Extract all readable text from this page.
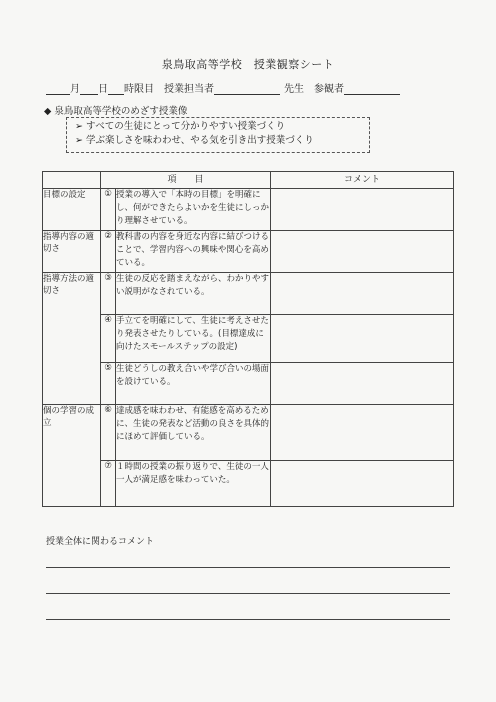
泉鳥取高等学校　授業観察シート
月 日 時限目 授業担当者	先生 参観者
◆ 泉鳥取高等学校のめざす授業像
➢ すべての生徒にとって分かりやすい授業づくり
➢ 学ぶ楽しさを味わわせ、やる気を引き出す授業づくり
	項　　目		コメント
目標の設定	①	授業の導入で「本時の目標」を明確にし、何ができたらよいかを生徒にしっかり理解させている。	
指導内容の適切さ	②	教科書の内容を身近な内容に結びつけることで、学習内容への興味や関心を高めている。	
指導方法の適切さ	③	生徒の反応を踏まえながら、わかりやすい説明がなされている。	
	④	手立てを明確にして、生徒に考えさせたり発表させたりしている。(目標達成に向けたスモールステップの設定)	
	⑤	生徒どうしの教え合いや学び合いの場面を設けている。	
個の学習の成立	⑥	達成感を味わわせ、有能感を高めるために、生徒の発表など活動の良さを具体的にほめて評価している。	
	⑦	１時間の授業の振り返りで、生徒の一人一人が満足感を味わっていた。	
授業全体に関わるコメント
